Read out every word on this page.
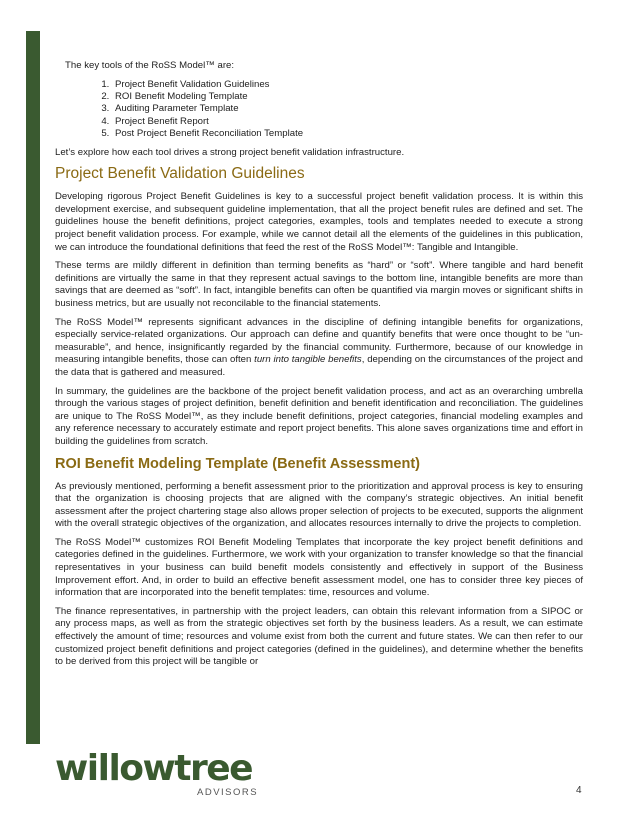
The key tools of the RoSS Model™ are:

1. Project Benefit Validation Guidelines
2. ROI Benefit Modeling Template
3. Auditing Parameter Template
4. Project Benefit Report
5. Post Project Benefit Reconciliation Template

Let’s explore how each tool drives a strong project benefit validation infrastructure.

Project Benefit Validation Guidelines

Developing rigorous Project Benefit Guidelines is key to a successful project benefit validation process. It is within this development exercise, and subsequent guideline implementation, that all the project benefit rules are defined and set. The guidelines house the benefit definitions, project categories, examples, tools and templates needed to execute a strong project benefit validation process. For example, while we cannot detail all the elements of the guidelines in this publication, we can introduce the foundational definitions that feed the rest of the RoSS Model™: Tangible and Intangible.

These terms are mildly different in definition than terming benefits as “hard” or “soft”. Where tangible and hard benefit definitions are virtually the same in that they represent actual savings to the bottom line, intangible benefits are more than savings that are deemed as “soft”. In fact, intangible benefits can often be quantified via margin moves or significant shifts in business metrics, but are usually not reconcilable to the financial statements.

The RoSS Model™ represents significant advances in the discipline of defining intangible benefits for organizations, especially service-related organizations. Our approach can define and quantify benefits that were once thought to be “un-measurable”, and hence, insignificantly regarded by the financial community. Furthermore, because of our knowledge in measuring intangible benefits, those can often turn into tangible benefits, depending on the circumstances of the project and the data that is gathered and measured.

In summary, the guidelines are the backbone of the project benefit validation process, and act as an overarching umbrella through the various stages of project definition, benefit definition and benefit identification and reconciliation. The guidelines are unique to The RoSS Model™, as they include benefit definitions, project categories, financial modeling examples and any reference necessary to accurately estimate and report project benefits. This alone saves organizations time and effort in building the guidelines from scratch.

ROI Benefit Modeling Template (Benefit Assessment)

As previously mentioned, performing a benefit assessment prior to the prioritization and approval process is key to ensuring that the organization is choosing projects that are aligned with the company’s strategic objectives. An initial benefit assessment after the project chartering stage also allows proper selection of projects to be executed, supports the alignment with the overall strategic objectives of the organization, and allocates resources internally to drive the projects to completion.

The RoSS Model™ customizes ROI Benefit Modeling Templates that incorporate the key project benefit definitions and categories defined in the guidelines. Furthermore, we work with your organization to transfer knowledge so that the financial representatives in your business can build benefit models consistently and effectively in support of the Business Improvement effort. And, in order to build an effective benefit assessment model, one has to consider three key pieces of information that are incorporated into the benefit templates: time, resources and volume.

The finance representatives, in partnership with the project leaders, can obtain this relevant information from a SIPOC or any process maps, as well as from the strategic objectives set forth by the business leaders. As a result, we can estimate effectively the amount of time; resources and volume exist from both the current and future states. We can then refer to our customized project benefit definitions and project categories (defined in the guidelines), and determine whether the benefits to be derived from this project will be tangible or

willowtree
ADVISORS	4
